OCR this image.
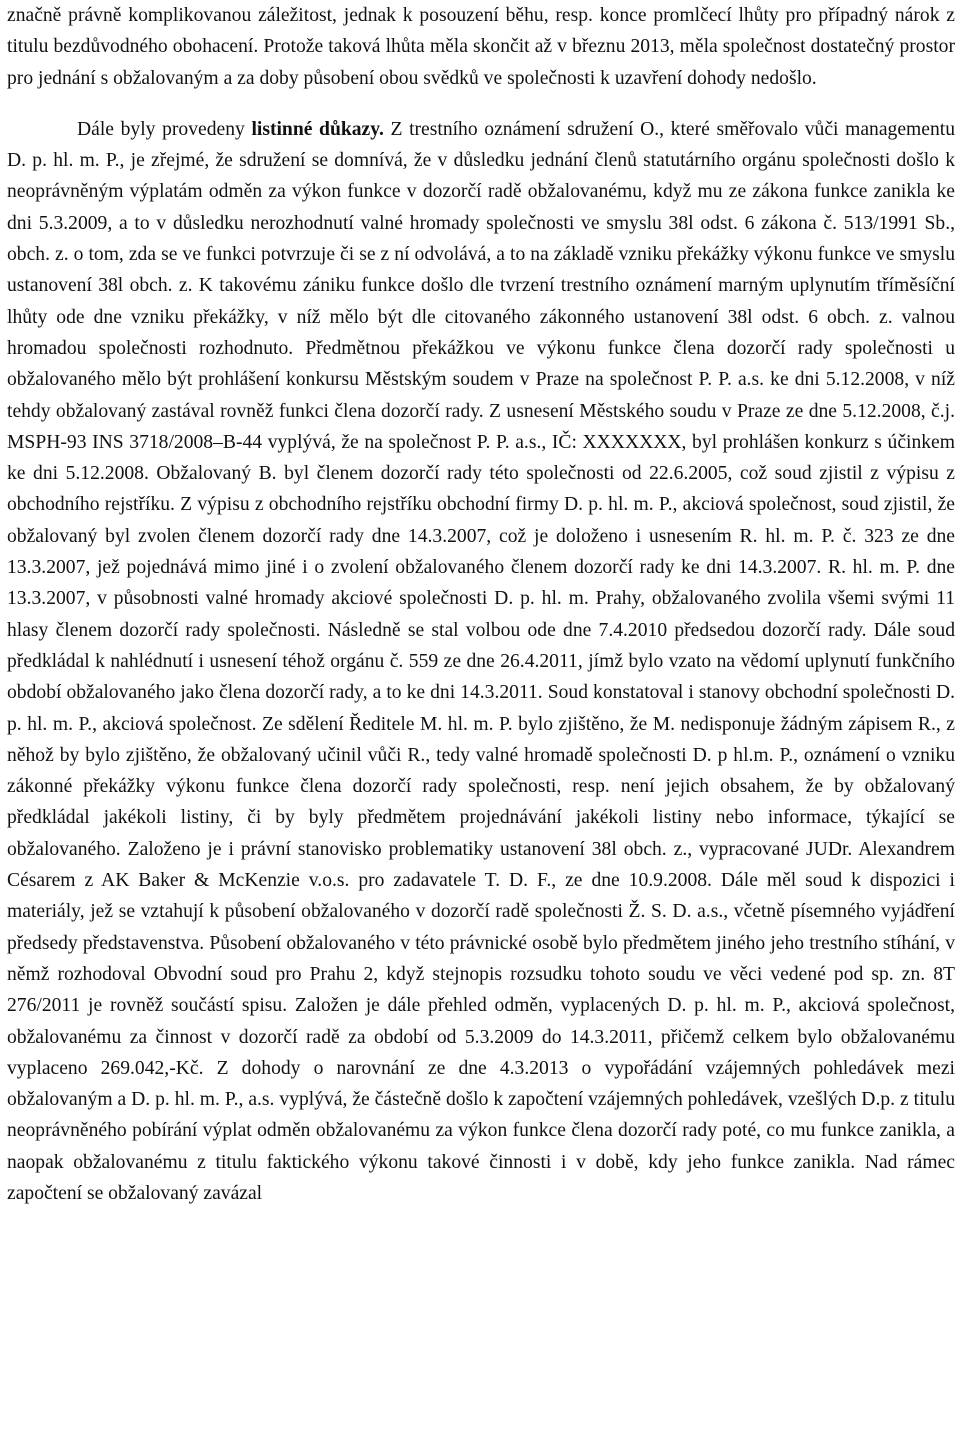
značně právně komplikovanou záležitost, jednak k posouzení běhu, resp. konce promlčecí lhůty pro případný nárok z titulu bezdůvodného obohacení. Protože taková lhůta měla skončit až v březnu 2013, měla společnost dostatečný prostor pro jednání s obžalovaným a za doby působení obou svědků ve společnosti k uzavření dohody nedošlo.

Dále byly provedeny listinné důkazy. Z trestního oznámení sdružení O., které směřovalo vůči managementu D. p. hl. m. P., je zřejmé, že sdružení se domnívá, že v důsledku jednání členů statutárního orgánu společnosti došlo k neoprávněným výplatám odměn za výkon funkce v dozorčí radě obžalovanému, když mu ze zákona funkce zanikla ke dni 5.3.2009, a to v důsledku nerozhodnutí valné hromady společnosti ve smyslu 38l odst. 6 zákona č. 513/1991 Sb., obch. z. o tom, zda se ve funkci potvrzuje či se z ní odvolává, a to na základě vzniku překážky výkonu funkce ve smyslu ustanovení 38l obch. z. K takovému zániku funkce došlo dle tvrzení trestního oznámení marným uplynutím tříměsíční lhůty ode dne vzniku překážky, v níž mělo být dle citovaného zákonného ustanovení 38l odst. 6 obch. z. valnou hromadou společnosti rozhodnuto. Předmětnou překážkou ve výkonu funkce člena dozorčí rady společnosti u obžalovaného mělo být prohlášení konkursu Městským soudem v Praze na společnost P. P. a.s. ke dni 5.12.2008, v níž tehdy obžalovaný zastával rovněž funkci člena dozorčí rady. Z usnesení Městského soudu v Praze ze dne 5.12.2008, č.j. MSPH-93 INS 3718/2008–B-44 vyplývá, že na společnost P. P. a.s., IČ: XXXXXXX, byl prohlášen konkurz s účinkem ke dni 5.12.2008. Obžalovaný B. byl členem dozorčí rady této společnosti od 22.6.2005, což soud zjistil z výpisu z obchodního rejstříku. Z výpisu z obchodního rejstříku obchodní firmy D. p. hl. m. P., akciová společnost, soud zjistil, že obžalovaný byl zvolen členem dozorčí rady dne 14.3.2007, což je doloženo i usnesením R. hl. m. P. č. 323 ze dne 13.3.2007, jež pojednává mimo jiné i o zvolení obžalovaného členem dozorčí rady ke dni 14.3.2007. R. hl. m. P. dne 13.3.2007, v působnosti valné hromady akciové společnosti D. p. hl. m. Prahy, obžalovaného zvolila všemi svými 11 hlasy členem dozorčí rady společnosti. Následně se stal volbou ode dne 7.4.2010 předsedou dozorčí rady. Dále soud předkládal k nahlédnutí i usnesení téhož orgánu č. 559 ze dne 26.4.2011, jímž bylo vzato na vědomí uplynutí funkčního období obžalovaného jako člena dozorčí rady, a to ke dni 14.3.2011. Soud konstatoval i stanovy obchodní společnosti D. p. hl. m. P., akciová společnost. Ze sdělení Ředitele M. hl. m. P. bylo zjištěno, že M. nedisponuje žádným zápisem R., z něhož by bylo zjištěno, že obžalovaný učinil vůči R., tedy valné hromadě společnosti D. p hl.m. P., oznámení o vzniku zákonné překážky výkonu funkce člena dozorčí rady společnosti, resp. není jejich obsahem, že by obžalovaný předkládal jakékoli listiny, či by byly předmětem projednávání jakékoli listiny nebo informace, týkající se obžalovaného. Založeno je i právní stanovisko problematiky ustanovení 38l obch. z., vypracované JUDr. Alexandrem Césarem z AK Baker & McKenzie v.o.s. pro zadavatele T. D. F., ze dne 10.9.2008. Dále měl soud k dispozici i materiály, jež se vztahují k působení obžalovaného v dozorčí radě společnosti Ž. S. D. a.s., včetně písemného vyjádření předsedy představenstva. Působení obžalovaného v této právnické osobě bylo předmětem jiného jeho trestního stíhání, v němž rozhodoval Obvodní soud pro Prahu 2, když stejnopis rozsudku tohoto soudu ve věci vedené pod sp. zn. 8T 276/2011 je rovněž součástí spisu. Založen je dále přehled odměn, vyplacených D. p. hl. m. P., akciová společnost, obžalovanému za činnost v dozorčí radě za období od 5.3.2009 do 14.3.2011, přičemž celkem bylo obžalovanému vyplaceno 269.042,-Kč. Z dohody o narovnání ze dne 4.3.2013 o vypořádání vzájemných pohledávek mezi obžalovaným a D. p. hl. m. P., a.s. vyplývá, že částečně došlo k započtení vzájemných pohledávek, vzešlých D.p. z titulu neoprávněného pobírání výplat odměn obžalovanému za výkon funkce člena dozorčí rady poté, co mu funkce zanikla, a naopak obžalovanému z titulu faktického výkonu takové činnosti i v době, kdy jeho funkce zanikla. Nad rámec započtení se obžalovaný zavázal
